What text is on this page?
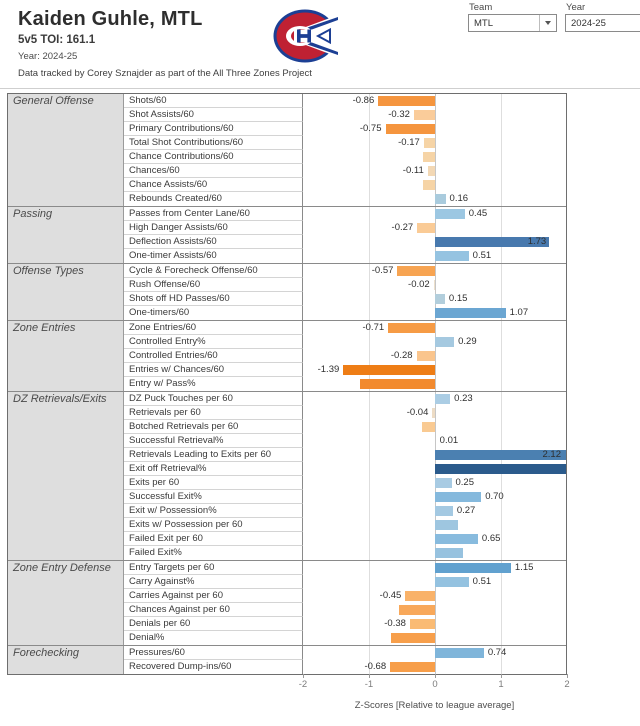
Kaiden Guhle, MTL
5v5 TOI: 161.1
Year: 2024-25
Data tracked by Corey Sznajder as part of the All Three Zones Project
Team
MTL
Year
2024-25
General Offense	Shots/60	-0.86
Shot Assists/60	-0.32
Primary Contributions/60	-0.75
Total Shot Contributions/60	-0.17
Chance Contributions/60
Chances/60	-0.11
Chance Assists/60
Rebounds Created/60	0.16
Passing	Passes from Center Lane/60	0.45
High Danger Assists/60	-0.27
Deflection Assists/60	1.73
One-timer Assists/60	0.51
Offense Types	Cycle & Forecheck Offense/60	-0.57
Rush Offense/60	-0.02
Shots off HD Passes/60	0.15
One-timers/60	1.07
Zone Entries	Zone Entries/60	-0.71
Controlled Entry%	0.29
Controlled Entries/60	-0.28
Entries w/ Chances/60	-1.39
Entry w/ Pass%
DZ Retrievals/Exits	DZ Puck Touches per 60	0.23
Retrievals per 60	-0.04
Botched Retrievals per 60
Successful Retrieval%	0.01
Retrievals Leading to Exits per 60	2.12
Exit off Retrieval%
Exits per 60	0.25
Successful Exit%	0.70
Exit w/ Possession%	0.27
Exits w/ Possession per 60
Failed Exit per 60	0.65
Failed Exit%
Zone Entry Defense	Entry Targets per 60	1.15
Carry Against%	0.51
Carries Against per 60	-0.45
Chances Against per 60
Denials per 60	-0.38
Denial%
Forechecking	Pressures/60	0.74
Recovered Dump-ins/60	-0.68
-2	-1	0	1	2
Z-Scores [Relative to league average]
